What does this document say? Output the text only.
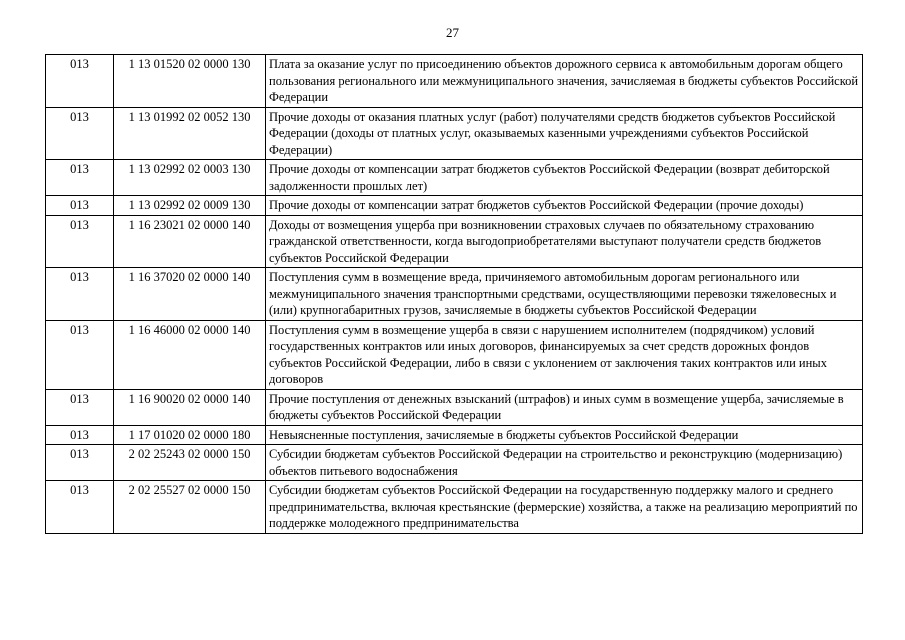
27
013	1 13 01520 02 0000 130	Плата за оказание услуг по присоединению объектов дорожного сервиса к автомобильным дорогам общего пользования регионального или межмуниципального значения, зачисляемая в бюджеты субъектов Российской Федерации
013	1 13 01992 02 0052 130	Прочие доходы от оказания платных услуг (работ) получателями средств бюджетов субъектов Российской Федерации (доходы от платных услуг, оказываемых казенными учреждениями субъектов Российской Федерации)
013	1 13 02992 02 0003 130	Прочие доходы от компенсации затрат бюджетов субъектов Российской Федерации (возврат дебиторской задолженности прошлых лет)
013	1 13 02992 02 0009 130	Прочие доходы от компенсации затрат бюджетов субъектов Российской Федерации (прочие доходы)
013	1 16 23021 02 0000 140	Доходы от возмещения ущерба при возникновении страховых случаев по обязательному страхованию гражданской ответственности, когда выгодоприобретателями выступают получатели средств бюджетов субъектов Российской Федерации
013	1 16 37020 02 0000 140	Поступления сумм в возмещение вреда, причиняемого автомобильным дорогам регионального или межмуниципального значения транспортными средствами, осуществляющими перевозки тяжеловесных и (или) крупногабаритных грузов, зачисляемые в бюджеты субъектов Российской Федерации
013	1 16 46000 02 0000 140	Поступления сумм в возмещение ущерба в связи с нарушением исполнителем (подрядчиком) условий государственных контрактов или иных договоров, финансируемых за счет средств дорожных фондов субъектов Российской Федерации, либо в связи с уклонением от заключения таких контрактов или иных договоров
013	1 16 90020 02 0000 140	Прочие поступления от денежных взысканий (штрафов) и иных сумм в возмещение ущерба, зачисляемые в бюджеты субъектов Российской Федерации
013	1 17 01020 02 0000 180	Невыясненные поступления, зачисляемые в бюджеты субъектов Российской Федерации
013	2 02 25243 02 0000 150	Субсидии бюджетам субъектов Российской Федерации на строительство и реконструкцию (модернизацию) объектов питьевого водоснабжения
013	2 02 25527 02 0000 150	Субсидии бюджетам субъектов Российской Федерации на государственную поддержку малого и среднего предпринимательства, включая крестьянские (фермерские) хозяйства, а также на реализацию мероприятий по поддержке молодежного предпринимательства
